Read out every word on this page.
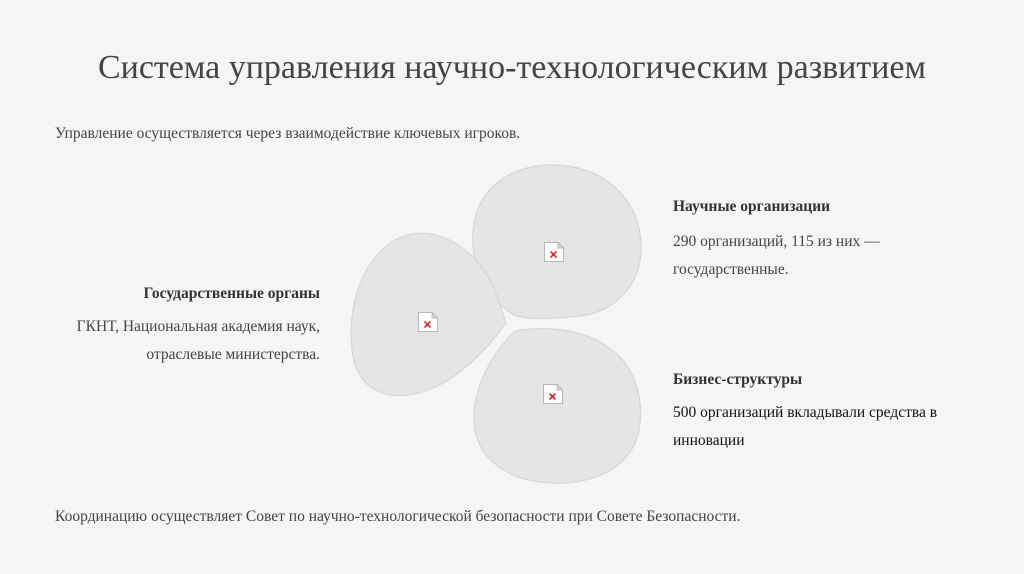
Система управления научно-технологическим развитием
Управление осуществляется через взаимодействие ключевых игроков.
Научные организации
290 организаций, 115 из них —
государственные.
Государственные органы
ГКНТ, Национальная академия наук,
отраслевые министерства.
Бизнес-структуры
500 организаций вкладывали средства в
инновации
Координацию осуществляет Совет по научно-технологической безопасности при Совете Безопасности.
